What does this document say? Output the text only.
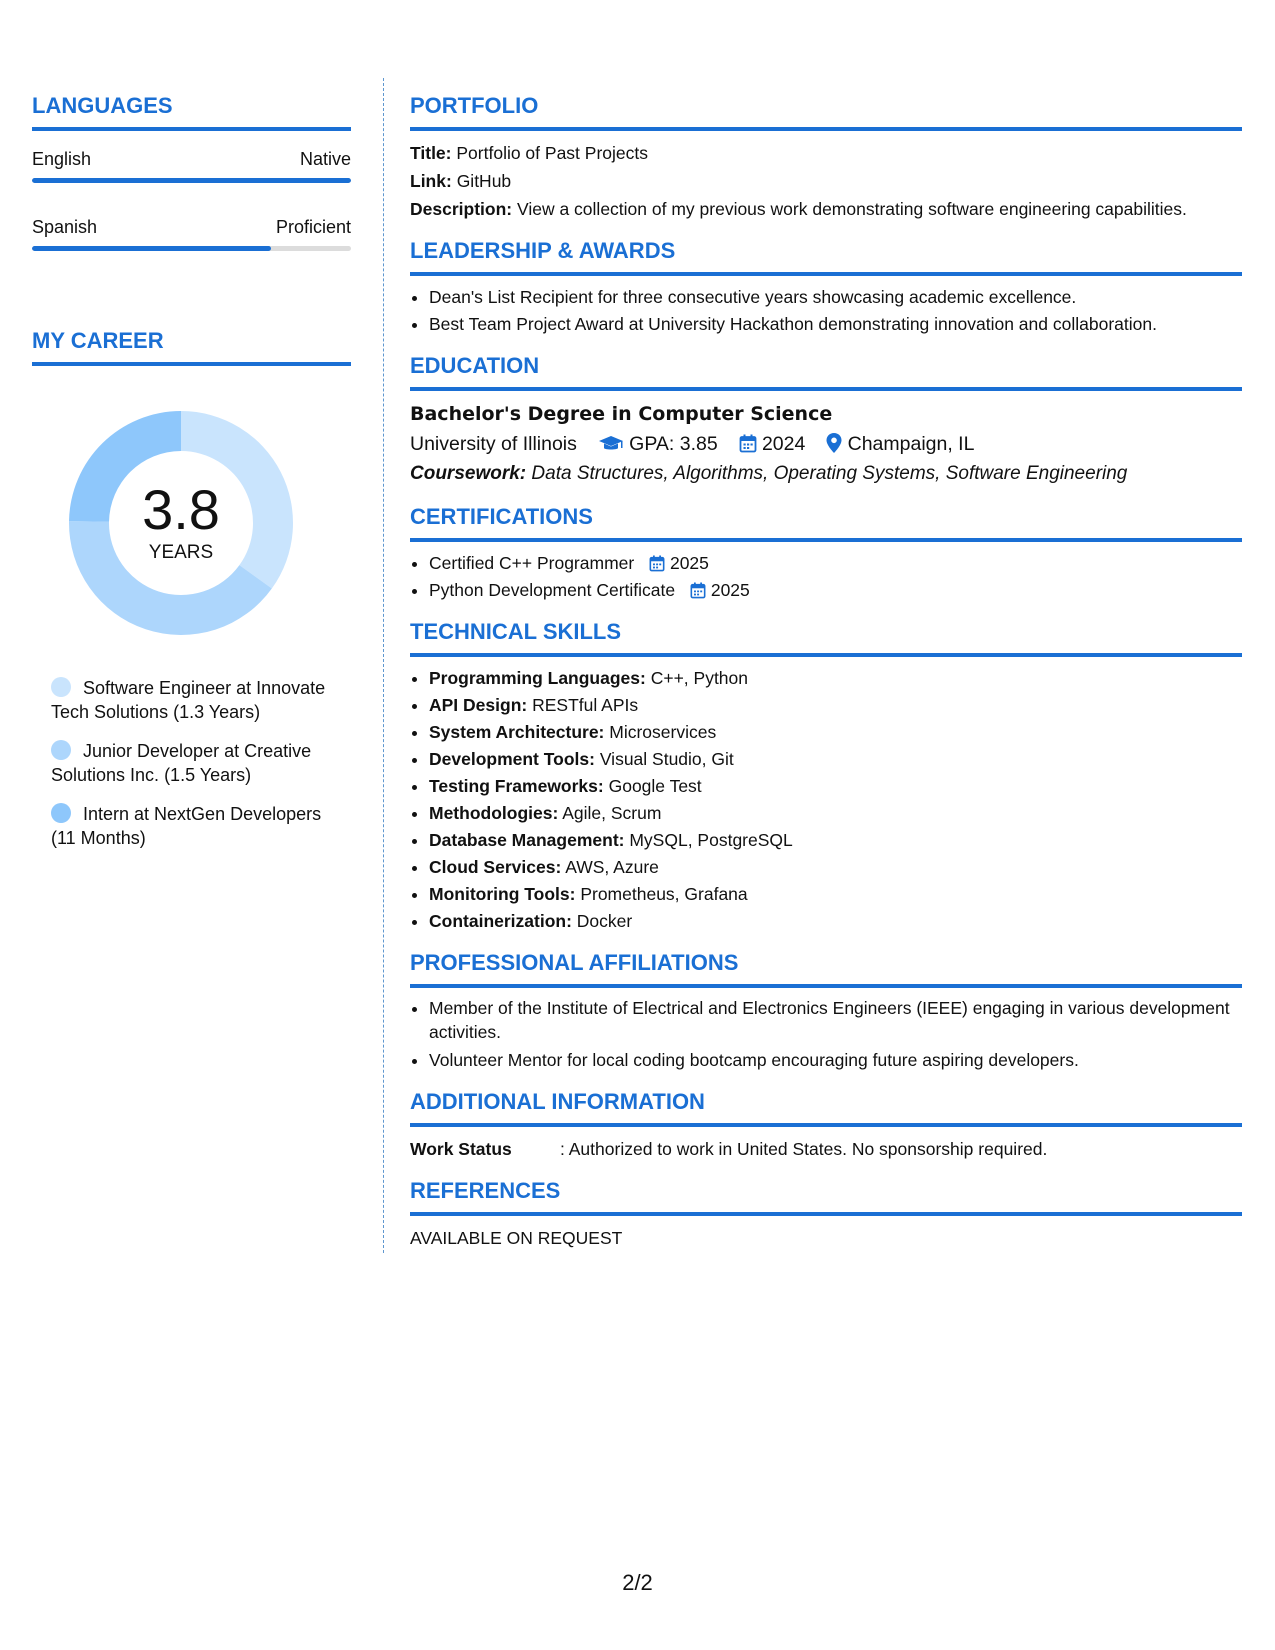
LANGUAGES
English	Native
Spanish	Proficient
MY CAREER
3.8
YEARS
Software Engineer at Innovate Tech Solutions (1.3 Years)
Junior Developer at Creative Solutions Inc. (1.5 Years)
Intern at NextGen Developers (11 Months)
PORTFOLIO
Title: Portfolio of Past Projects
Link: GitHub
Description: View a collection of my previous work demonstrating software engineering capabilities.
LEADERSHIP & AWARDS
• Dean's List Recipient for three consecutive years showcasing academic excellence.
• Best Team Project Award at University Hackathon demonstrating innovation and collaboration.
EDUCATION
Bachelor's Degree in Computer Science
University of Illinois	GPA: 3.85 2024 Champaign, IL
Coursework: Data Structures, Algorithms, Operating Systems, Software Engineering
CERTIFICATIONS
• Certified C++ Programmer 2025
• Python Development Certificate 2025
TECHNICAL SKILLS
• Programming Languages: C++, Python
• API Design: RESTful APIs
• System Architecture: Microservices
• Development Tools: Visual Studio, Git
• Testing Frameworks: Google Test
• Methodologies: Agile, Scrum
• Database Management: MySQL, PostgreSQL
• Cloud Services: AWS, Azure
• Monitoring Tools: Prometheus, Grafana
• Containerization: Docker
PROFESSIONAL AFFILIATIONS
• Member of the Institute of Electrical and Electronics Engineers (IEEE) engaging in various development activities.
• Volunteer Mentor for local coding bootcamp encouraging future aspiring developers.
ADDITIONAL INFORMATION
Work Status	: Authorized to work in United States. No sponsorship required.
REFERENCES
AVAILABLE ON REQUEST
2/2
